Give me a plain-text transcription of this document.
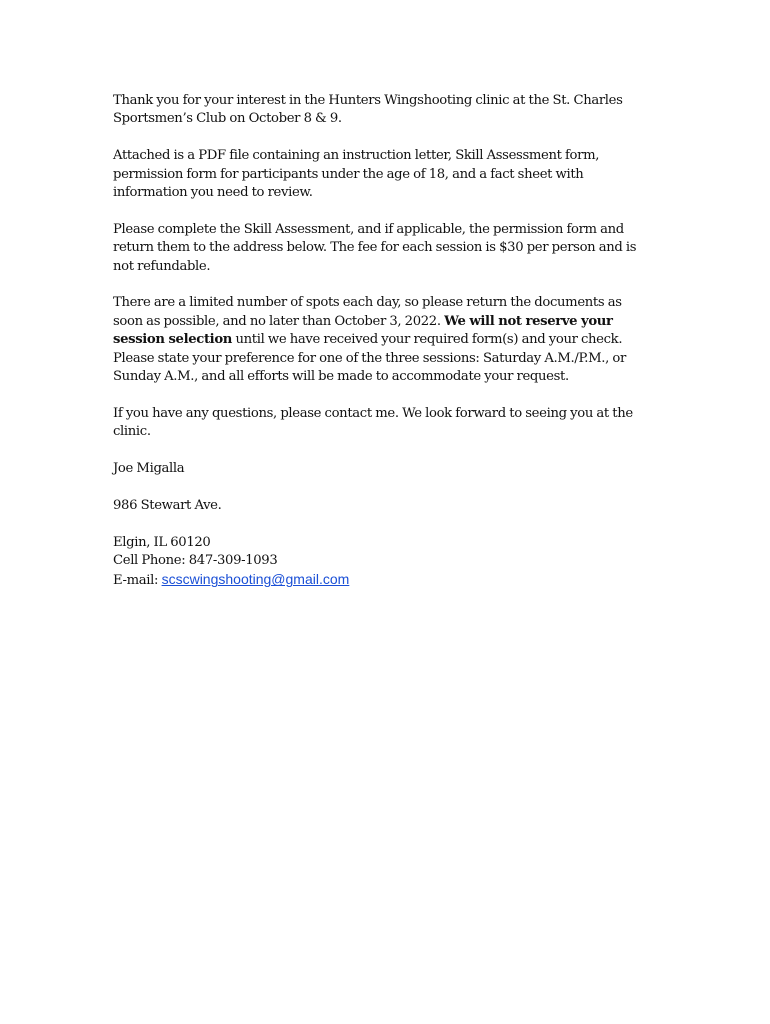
Thank you for your interest in the Hunters Wingshooting clinic at the St. Charles
Sportsmen’s Club on October 8 & 9.

Attached is a PDF file containing an instruction letter, Skill Assessment form,
permission form for participants under the age of 18, and a fact sheet with
information you need to review.

Please complete the Skill Assessment, and if applicable, the permission form and
return them to the address below. The fee for each session is $30 per person and is
not refundable.

There are a limited number of spots each day, so please return the documents as
soon as possible, and no later than October 3, 2022. We will not reserve your
session selection until we have received your required form(s) and your check.
Please state your preference for one of the three sessions: Saturday A.M./P.M., or
Sunday A.M., and all efforts will be made to accommodate your request.

If you have any questions, please contact me. We look forward to seeing you at the
clinic.

Joe Migalla

986 Stewart Ave.

Elgin, IL 60120
Cell Phone: 847-309-1093
E-mail: scscwingshooting@gmail.com
